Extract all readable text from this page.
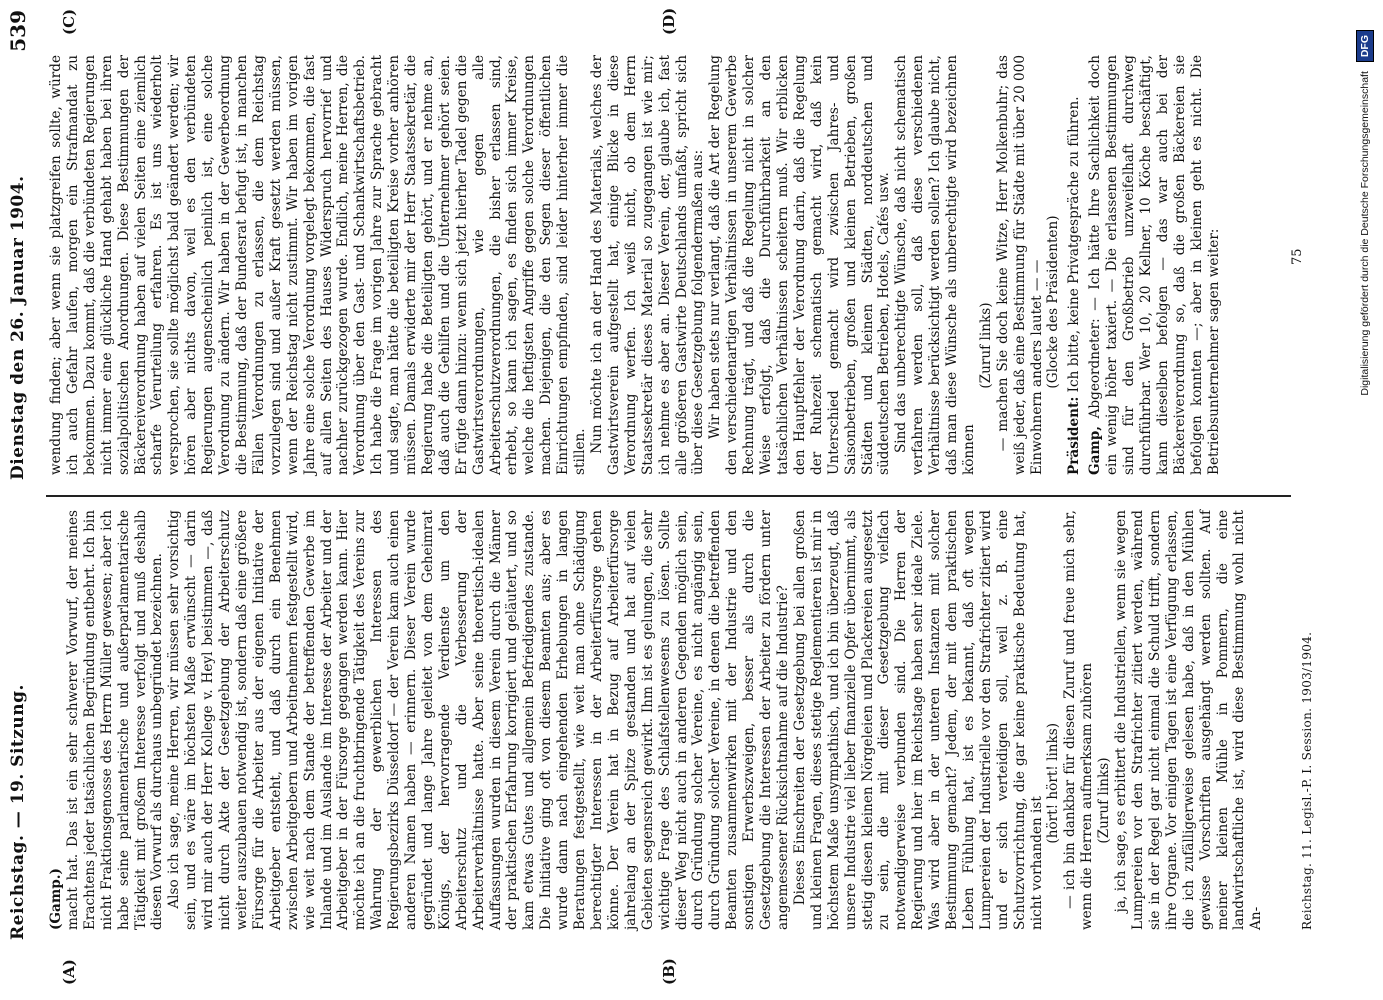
Reichstag. — 19. Sitzung.
Dienstag den 26. Januar 1904.
539
(A)	(B)
(C)	(D)
(Gamp.) macht hat. Das ist ein sehr schwerer Vorwurf, der meines Erachtens jeder tatsächlichen Begründung entbehrt. Ich bin nicht Fraktionsgenosse des Herrn Müller gewesen; aber ich habe seine parlamentarische und außerparlamentarische Tätigkeit mit großem Interesse verfolgt und muß deshalb diesen Vorwurf als durchaus unbegründet bezeichnen.
Also ich sage, meine Herren, wir müssen sehr vorsichtig sein, und es wäre im höchsten Maße erwünscht — darin wird mir auch der Herr Kollege v. Heyl beistimmen —, daß nicht durch Akte der Gesetzgebung der Arbeiterschutz weiter auszubauen notwendig ist, sondern daß eine größere Fürsorge für die Arbeiter aus der eigenen Initiative der Arbeitgeber entsteht, und daß durch ein Benehmen zwischen Arbeitgebern und Arbeitnehmern festgestellt wird, wie weit nach dem Stande der betreffenden Gewerbe im Inlande und im Auslande im Interesse der Arbeiter und der Arbeitgeber in der Fürsorge gegangen werden kann. Hier möchte ich an die fruchtbringende Tätigkeit des Vereins zur Wahrung der gewerblichen Interessen des Regierungsbezirks Düsseldorf — der Verein kam auch einen anderen Namen haben — erinnern. Dieser Verein wurde gegründet und lange Jahre geleitet von dem Geheimrat Königs, der hervorragende Verdienste um den Arbeiterschutz und die Verbesserung der Arbeiterverhältnisse hatte. Aber seine theoretisch-idealen Auffassungen wurden in diesem Verein durch die Männer der praktischen Erfahrung korrigiert und geläutert, und so kam etwas Gutes und allgemein Befriedigendes zustande. Die Initiative ging oft von diesem Beamten aus; aber es wurde dann nach eingehenden Erhebungen in langen Beratungen festgestellt, wie weit man ohne Schädigung berechtigter Interessen in der Arbeiterfürsorge gehen könne. Der Verein hat in Bezug auf Arbeiterfürsorge jahrelang an der Spitze gestanden und hat auf vielen Gebieten segensreich gewirkt. Ihm ist es gelungen, die sehr wichtige Frage des Schlafstellenwesens zu lösen. Sollte dieser Weg nicht auch in anderen Gegenden möglich sein, durch Gründung solcher Vereine, es nicht angängig sein, durch Gründung solcher Vereine, in denen die betreffenden Beamten zusammenwirken mit der Industrie und den sonstigen Erwerbszweigen, besser als durch die Gesetzgebung die Interessen der Arbeiter zu fördern unter angemessener Rücksichtnahme auf die Industrie?
Dieses Einschreiten der Gesetzgebung bei allen großen und kleinen Fragen, dieses stetige Reglementieren ist mir in höchstem Maße unsympathisch, und ich bin überzeugt, daß unsere Industrie viel lieber finanzielle Opfer übernimmt, als stetig diesen kleinen Nörgeleien und Plackereien ausgesetzt zu sein, die mit dieser Gesetzgebung vielfach notwendigerweise verbunden sind. Die Herren der Regierung und hier im Reichstage haben sehr ideale Ziele. Was wird aber in der unteren Instanzen mit solcher Bestimmung gemacht? Jedem, der mit dem praktischen Leben Fühlung hat, ist es bekannt, daß oft wegen Lumpereien der Industrielle vor den Strafrichter zitiert wird und er sich verteidigen soll, weil z. B. eine Schutzvorrichtung, die gar keine praktische Bedeutung hat, nicht vorhanden ist
(hört! hört! links)
— ich bin dankbar für diesen Zuruf und freue mich sehr, wenn die Herren aufmerksam zuhören
(Zuruf links)
ja, ich sage, es erbittert die Industriellen, wenn sie wegen Lumpereien vor den Strafrichter zitiert werden, während sie in der Regel gar nicht einmal die Schuld trifft, sondern ihre Organe. Vor einigen Tagen ist eine Verfügung erlassen, die ich zufälligerweise gelesen habe, daß in den Mühlen gewisse Vorschriften ausgehängt werden sollten. Auf meiner kleinen Mühle in Pommern, die eine landwirtschaftliche ist, wird diese Bestimmung wohl nicht An-
wendung finden; aber wenn sie platzgreifen sollte, würde ich auch Gefahr laufen, morgen ein Strafmandat zu bekommen. Dazu kommt, daß die verbündeten Regierungen nicht immer eine glückliche Hand gehabt haben bei ihren sozialpolitischen Anordnungen. Diese Bestimmungen der Bäckereiverordnung haben auf vielen Seiten eine ziemlich scharfe Verurteilung erfahren. Es ist uns wiederholt versprochen, sie sollte möglichst bald geändert werden; wir hören aber nichts davon, weil es den verbündeten Regierungen augenscheinlich peinlich ist, eine solche Verordnung zu ändern. Wir haben in der Gewerbeordnung die Bestimmung, daß der Bundesrat befugt ist, in manchen Fällen Verordnungen zu erlassen, die dem Reichstag vorzulegen sind und außer Kraft gesetzt werden müssen, wenn der Reichstag nicht zustimmt. Wir haben im vorigen Jahre eine solche Verordnung vorgelegt bekommen, die fast auf allen Seiten des Hauses Widerspruch hervorrief und nachher zurückgezogen wurde. Endlich, meine Herren, die Verordnung über den Gast- und Schankwirtschaftsbetrieb. Ich habe die Frage im vorigen Jahre zur Sprache gebracht und sagte, man hätte die beteiligten Kreise vorher anhören müssen. Damals erwiderte mir der Herr Staatssekretär, die Regierung habe die Beteiligten gehört, und er nehme an, daß auch die Gehilfen und die Unternehmer gehört seien. Er fügte dann hinzu: wenn sich jetzt hierher Tadel gegen die Gastwirtsverordnungen, wie gegen alle Arbeiterschutzverordnungen, die bisher erlassen sind, erhebt, so kann ich sagen, es finden sich immer Kreise, welche die heftigsten Angriffe gegen solche Verordnungen machen. Diejenigen, die den Segen dieser öffentlichen Einrichtungen empfinden, sind leider hinterher immer die stillen.
Nun möchte ich an der Hand des Materials, welches der Gastwirtsverein aufgestellt hat, einige Blicke in diese Verordnung werfen. Ich weiß nicht, ob dem Herrn Staatssekretär dieses Material so zugegangen ist wie mir; ich nehme es aber an. Dieser Verein, der, glaube ich, fast alle größeren Gastwirte Deutschlands umfaßt, spricht sich über diese Gesetzgebung folgendermaßen aus:
Wir haben stets nur verlangt, daß die Art der Regelung den verschiedenartigen Verhältnissen in unserem Gewerbe Rechnung trägt, und daß die Regelung nicht in solcher Weise erfolgt, daß die Durchführbarkeit an den tatsächlichen Verhältnissen scheitern muß. Wir erblicken den Hauptfehler der Verordnung darin, daß die Regelung der Ruhezeit schematisch gemacht wird, daß kein Unterschied gemacht wird zwischen Jahres- und Saisonbetrieben, großen und kleinen Betrieben, großen Städten und kleinen Städten, norddeutschen und süddeutschen Betrieben, Hotels, Cafés usw.
Sind das unberechtigte Wünsche, daß nicht schematisch verfahren werden soll, daß diese verschiedenen Verhältnisse berücksichtigt werden sollen? Ich glaube nicht, daß man diese Wünsche als unberechtigte wird bezeichnen können
(Zuruf links)
— machen Sie doch keine Witze, Herr Molkenbuhr; das weiß jeder, daß eine Bestimmung für Städte mit über 20 000 Einwohnern anders lautet — —
(Glocke des Präsidenten)
Präsident: Ich bitte, keine Privatgespräche zu führen.
Gamp, Abgeordneter: — Ich hätte Ihre Sachlichkeit doch ein wenig höher taxiert. — Die erlassenen Bestimmungen sind für den Großbetrieb unzweifelhaft durchweg durchführbar. Wer 10, 20 Kellner, 10 Köche beschäftigt, kann dieselben befolgen — das war auch bei der Bäckereiverordnung so, daß die großen Bäckereien sie befolgen konnten —; aber in kleinen geht es nicht. Die Betriebsunternehmer sagen weiter:
Reichstag. 11. Legisl.-P. I. Session. 1903/1904.
75	Digitalisierung gefördert durch die Deutsche Forschungsgemeinschaft DFG
